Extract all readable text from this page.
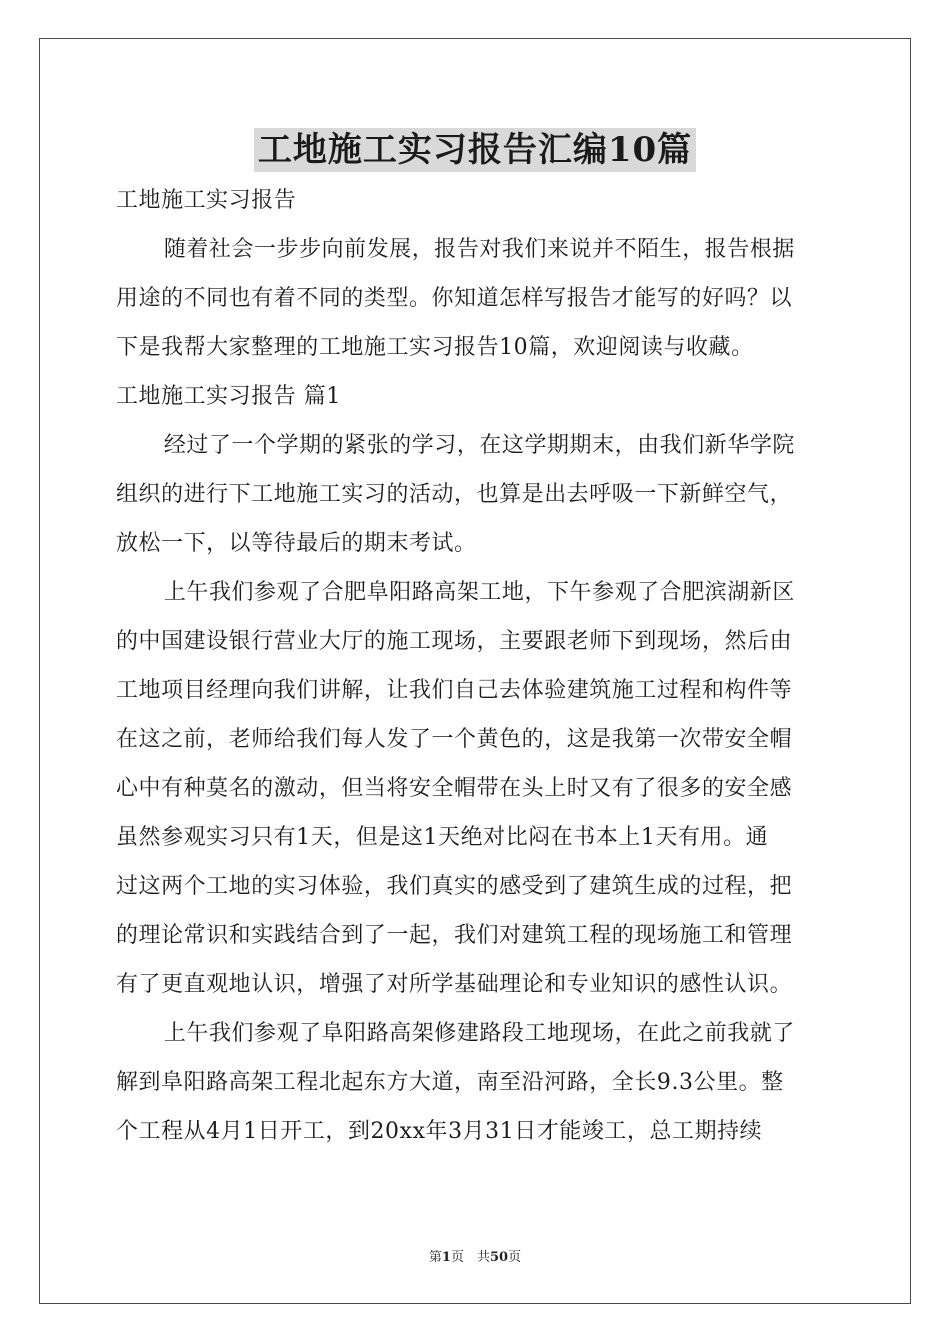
工地施工实习报告汇编10篇
工地施工实习报告
随着社会一步步向前发展，报告对我们来说并不陌生，报告根据
用途的不同也有着不同的类型。你知道怎样写报告才能写的好吗？以
下是我帮大家整理的工地施工实习报告10篇，欢迎阅读与收藏。
工地施工实习报告 篇1
经过了一个学期的紧张的学习，在这学期期末，由我们新华学院
组织的进行下工地施工实习的活动，也算是出去呼吸一下新鲜空气，
放松一下，以等待最后的期末考试。
上午我们参观了合肥阜阳路高架工地，下午参观了合肥滨湖新区
的中国建设银行营业大厅的施工现场，主要跟老师下到现场，然后由
工地项目经理向我们讲解，让我们自己去体验建筑施工过程和构件等
在这之前，老师给我们每人发了一个黄色的，这是我第一次带安全帽
心中有种莫名的激动，但当将安全帽带在头上时又有了很多的安全感
虽然参观实习只有1天，但是这1天绝对比闷在书本上1天有用。通
过这两个工地的实习体验，我们真实的感受到了建筑生成的过程，把
的理论常识和实践结合到了一起，我们对建筑工程的现场施工和管理
有了更直观地认识，增强了对所学基础理论和专业知识的感性认识。
上午我们参观了阜阳路高架修建路段工地现场，在此之前我就了
解到阜阳路高架工程北起东方大道，南至沿河路，全长9.3公里。整
个工程从4月1日开工，到20xx年3月31日才能竣工，总工期持续
第1页　共50页
